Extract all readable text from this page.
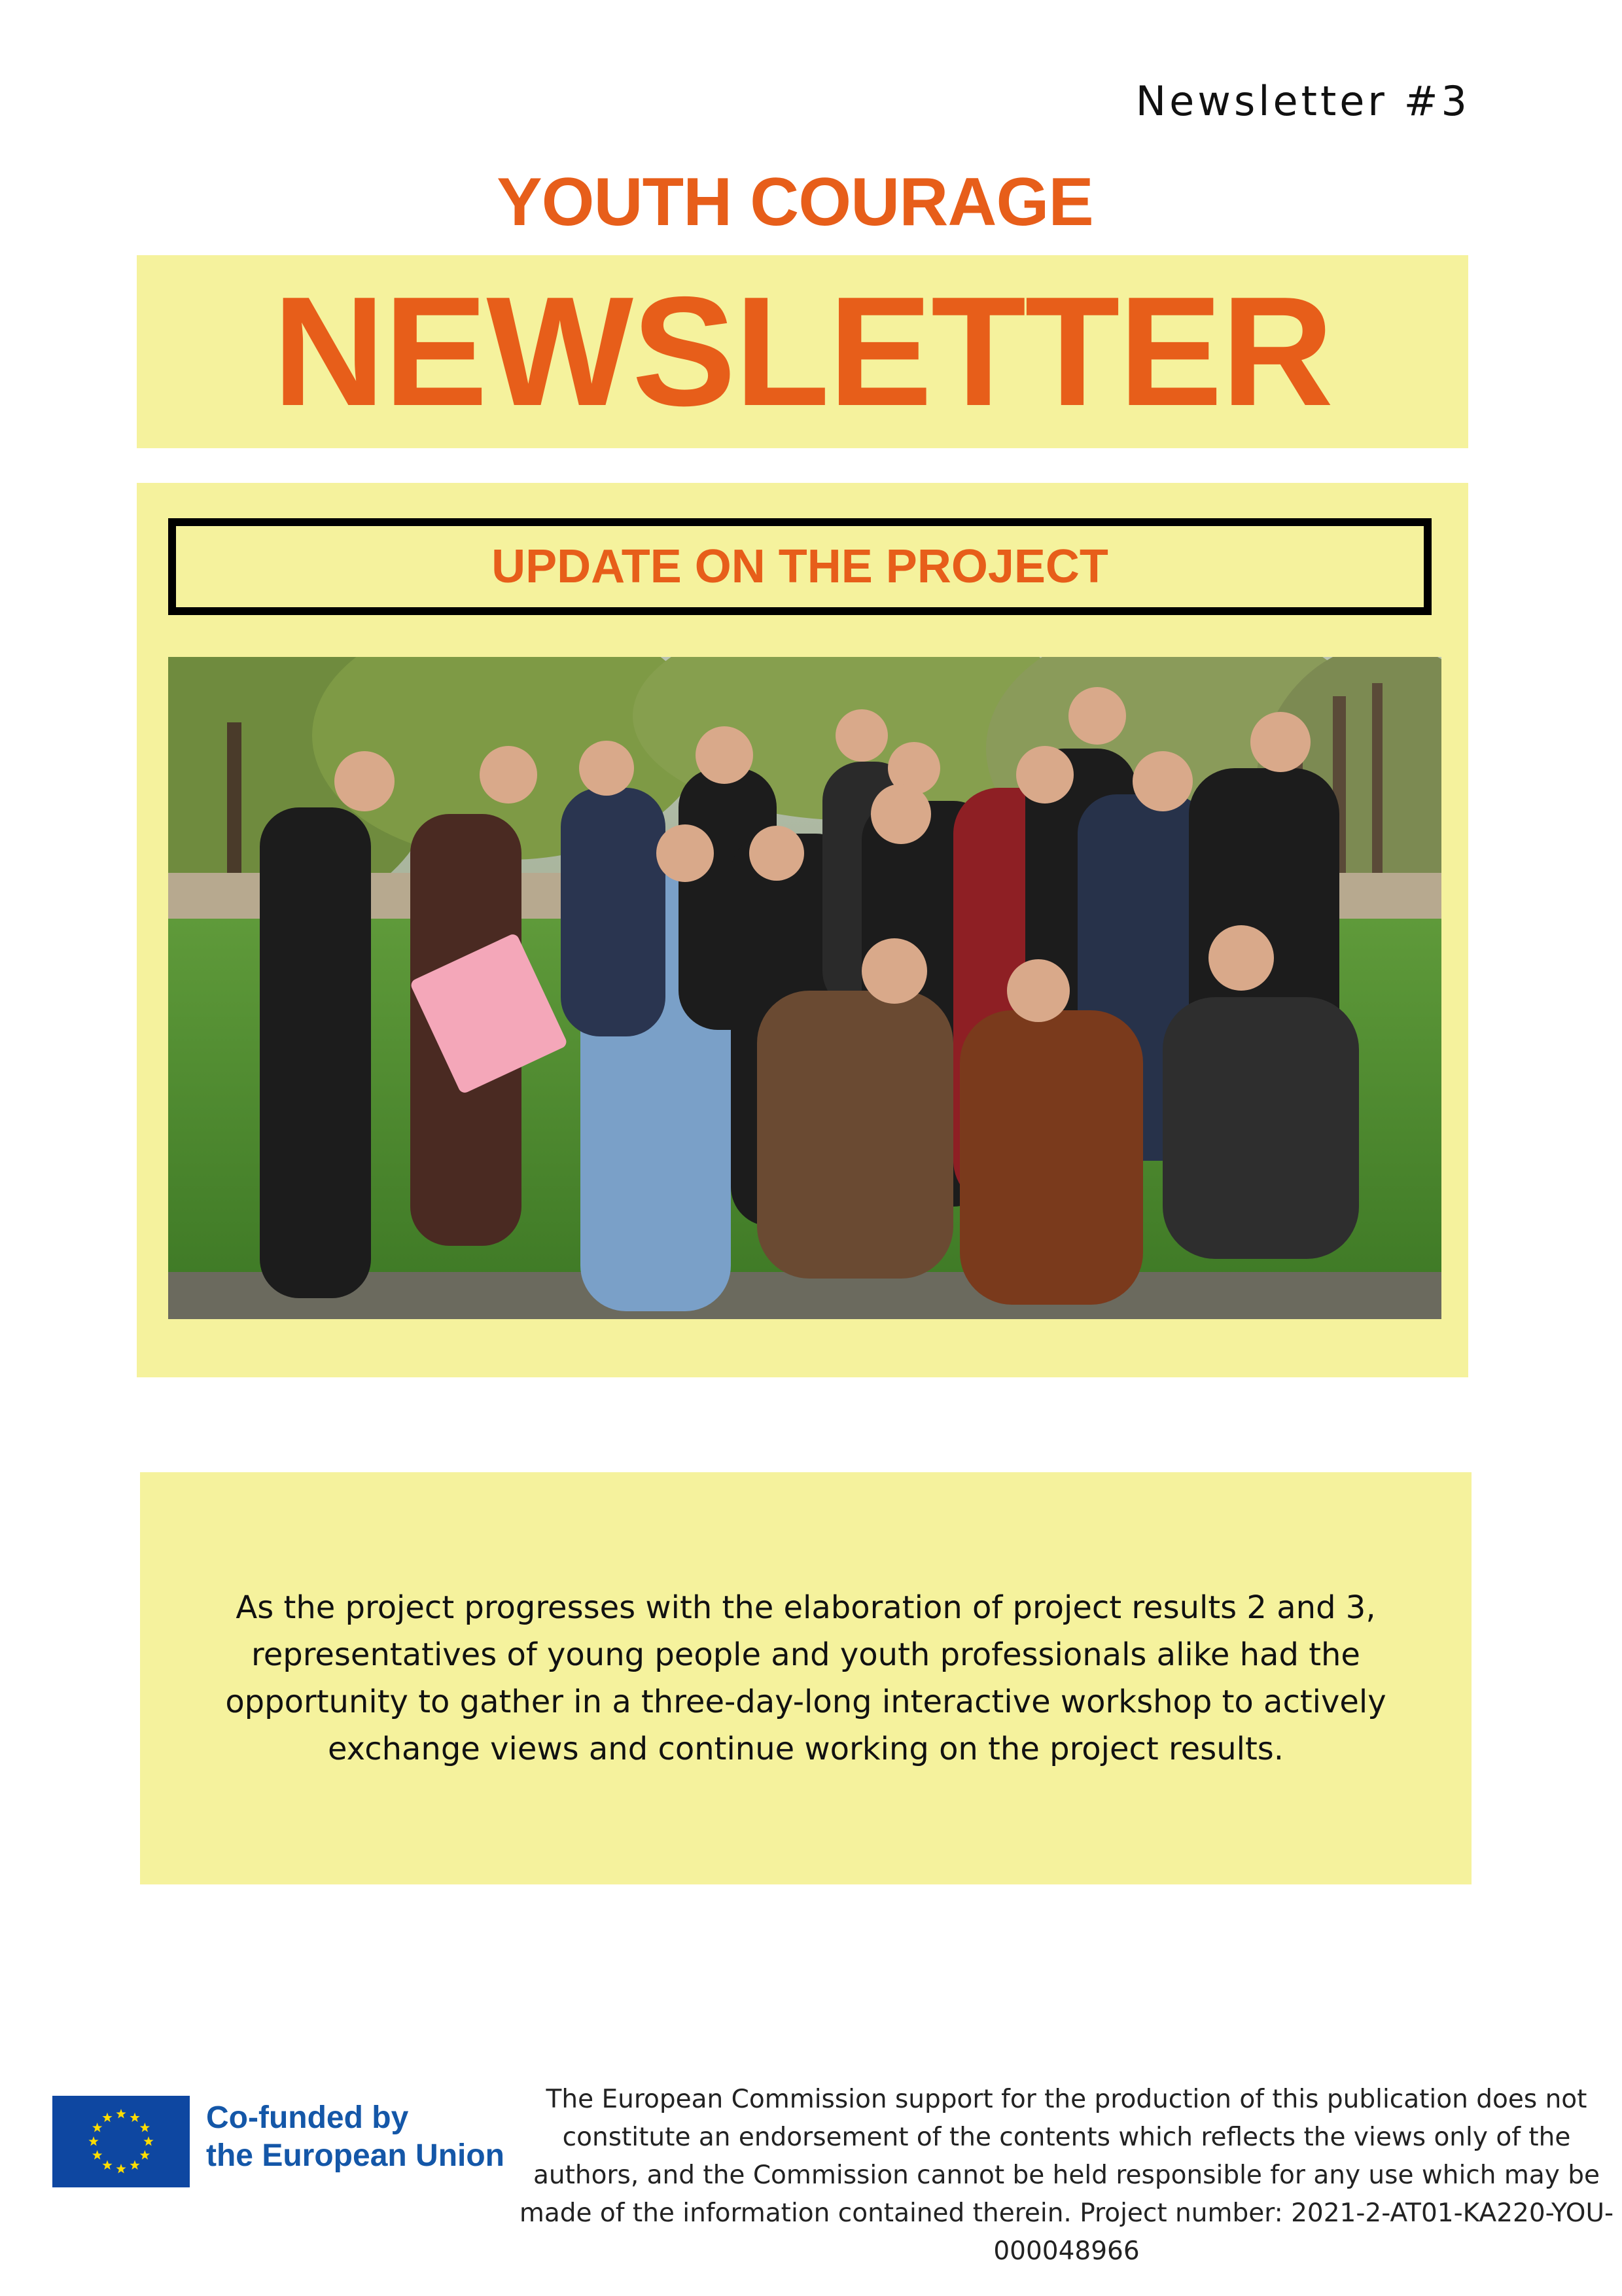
Newsletter #3
YOUTH COURAGE
NEWSLETTER
UPDATE ON THE PROJECT
As the project progresses with the elaboration of project results 2 and 3, representatives of young people and youth professionals alike had the opportunity to gather in a three-day-long interactive workshop to actively exchange views and continue working on the project results.
Co-funded by
the European Union
The European Commission support for the production of this publication does not constitute an endorsement of the contents which reflects the views only of the authors, and the Commission cannot be held responsible for any use which may be made of the information contained therein. Project number: 2021-2-AT01-KA220-YOU-000048966
